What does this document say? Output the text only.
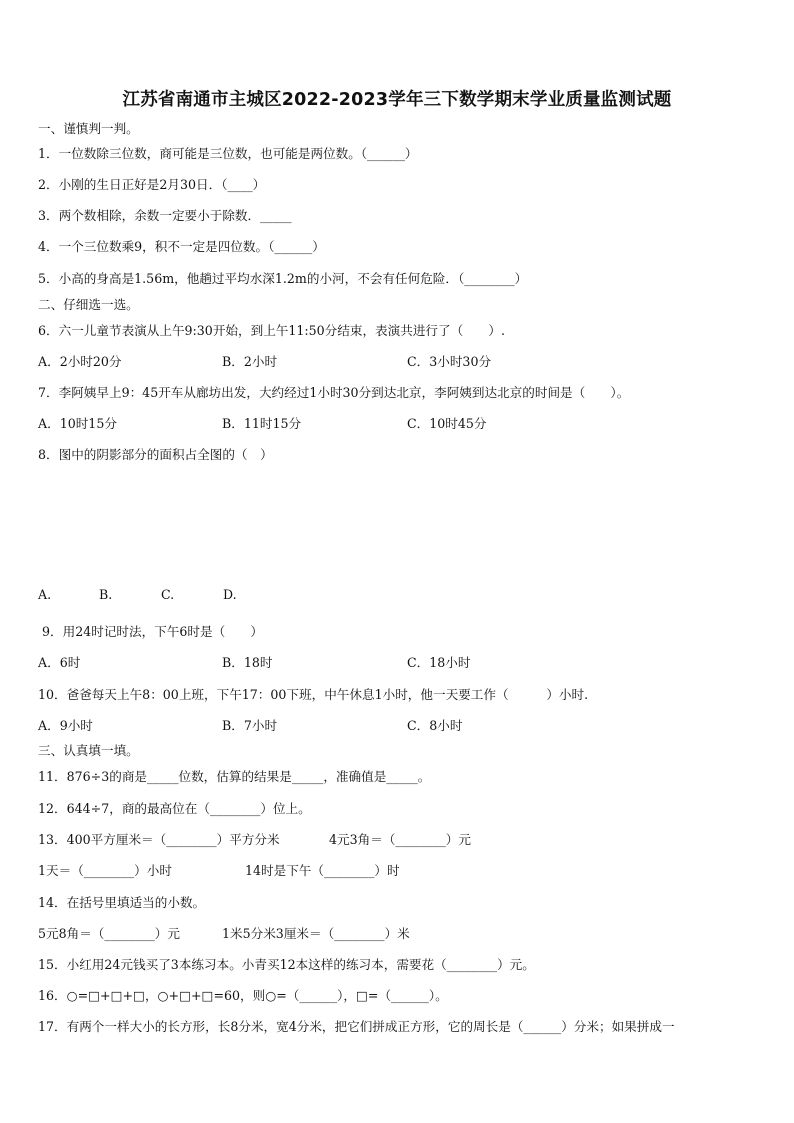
江苏省南通市主城区2022-2023学年三下数学期末学业质量监测试题
一、谨慎判一判。
1．一位数除三位数，商可能是三位数，也可能是两位数。（______）
2．小刚的生日正好是2月30日．（____）
3．两个数相除，余数一定要小于除数．_____
4．一个三位数乘9，积不一定是四位数。（______）
5．小高的身高是1.56m，他趟过平均水深1.2m的小河，不会有任何危险．（________）
二、仔细选一选。
6．六一儿童节表演从上午9:30开始，到上午11:50分结束，表演共进行了（　　）.
A．2小时20分	B．2小时	C．3小时30分
7．李阿姨早上9：45开车从廊坊出发，大约经过1小时30分到达北京，李阿姨到达北京的时间是（　　）。
A．10时15分	B．11时15分	C．10时45分
8．图中的阴影部分的面积占全图的（　）
A.	B.	C.	D.
9．用24时记时法，下午6时是（　　）
A．6时	B．18时	C．18小时
10．爸爸每天上午8：00上班，下午17：00下班，中午休息1小时，他一天要工作（　　　）小时.
A．9小时	B．7小时	C．8小时
三、认真填一填。
11．876÷3的商是_____位数，估算的结果是_____，准确值是_____。
12．644÷7，商的最高位在（________）位上。
13．400平方厘米＝（________）平方分米	4元3角＝（________）元
1天＝（________）小时	14时是下午（________）时
14．在括号里填适当的小数。
5元8角＝（________）元	1米5分米3厘米＝（________）米
15．小红用24元钱买了3本练习本。小青买12本这样的练习本，需要花（________）元。
16．○=□+□+□，○+□+□=60，则○=（______），□=（______）。
17．有两个一样大小的长方形，长8分米，宽4分米，把它们拼成正方形，它的周长是（______）分米；如果拼成一
